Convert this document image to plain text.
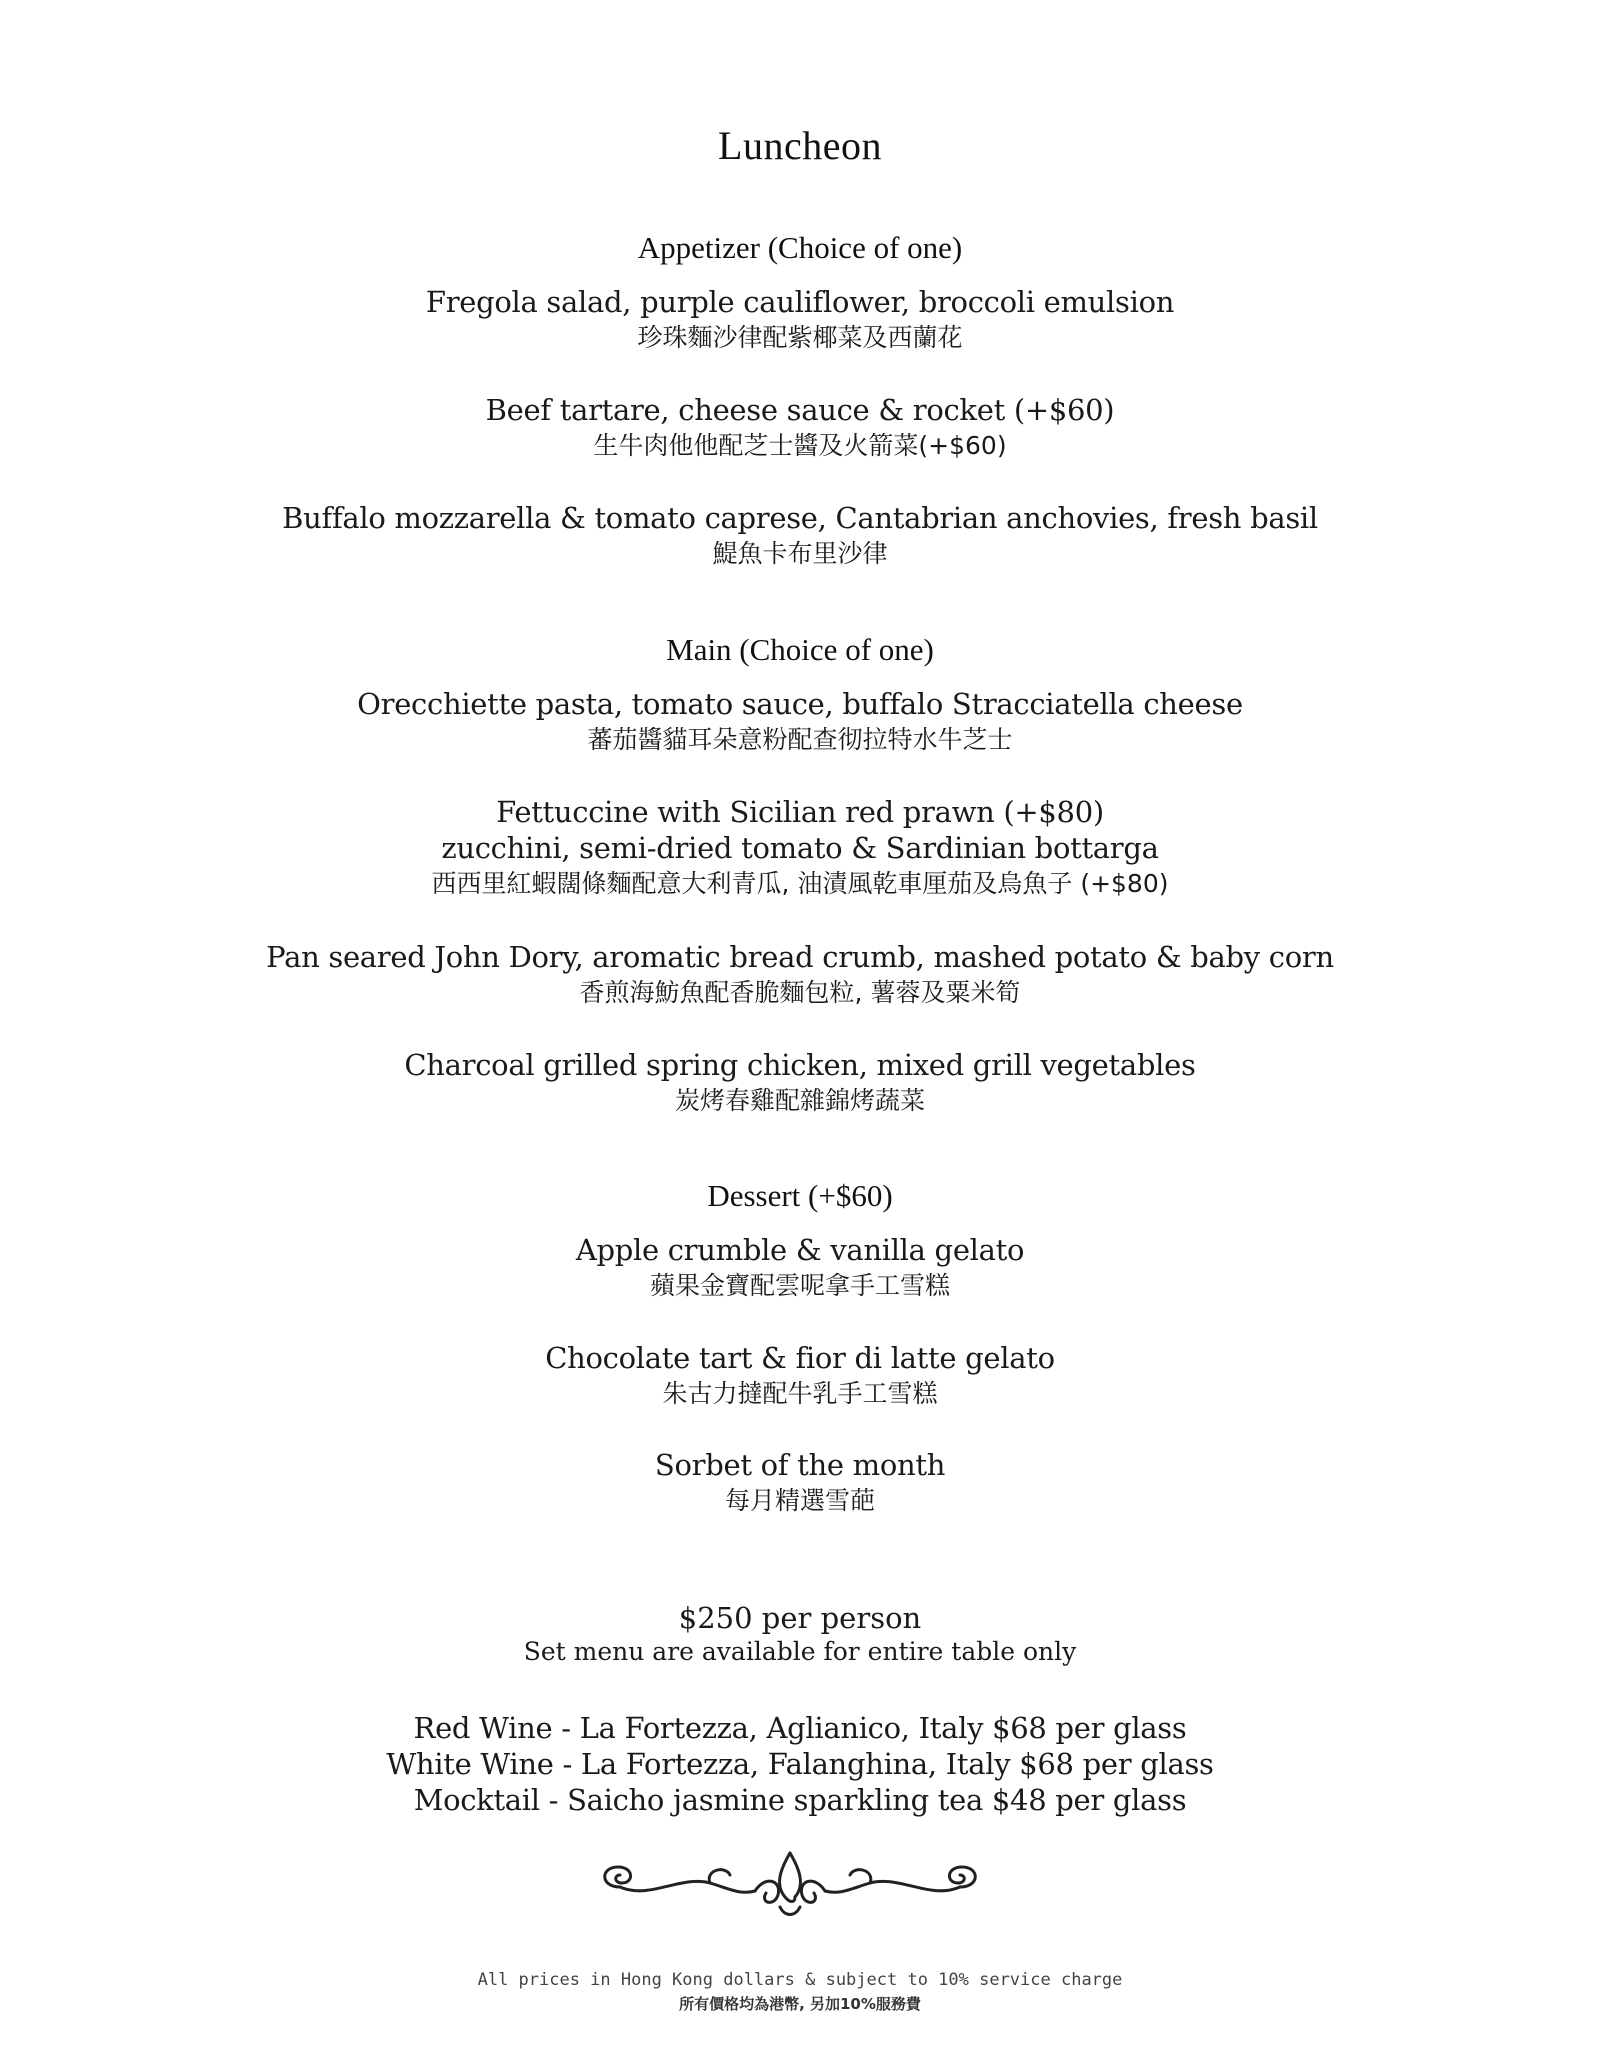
Luncheon
Appetizer (Choice of one)
Fregola salad, purple cauliflower, broccoli emulsion
珍珠麵沙律配紫椰菜及西蘭花
Beef tartare, cheese sauce & rocket (+$60)
生牛肉他他配芝士醬及火箭菜(+$60)
Buffalo mozzarella & tomato caprese, Cantabrian anchovies, fresh basil
鯷魚卡布里沙律
Main (Choice of one)
Orecchiette pasta, tomato sauce, buffalo Stracciatella cheese
蕃茄醬貓耳朵意粉配查彻拉特水牛芝士
Fettuccine with Sicilian red prawn (+$80)
zucchini, semi-dried tomato & Sardinian bottarga
西西里紅蝦闊條麵配意大利青瓜, 油漬風乾車厘茄及烏魚子 (+$80)
Pan seared John Dory, aromatic bread crumb, mashed potato & baby corn
香煎海魴魚配香脆麵包粒, 薯蓉及粟米筍
Charcoal grilled spring chicken, mixed grill vegetables
炭烤春雞配雜錦烤蔬菜
Dessert (+$60)
Apple crumble & vanilla gelato
蘋果金寶配雲呢拿手工雪糕
Chocolate tart & fior di latte gelato
朱古力撻配牛乳手工雪糕
Sorbet of the month
每月精選雪葩
$250 per person
Set menu are available for entire table only
Red Wine - La Fortezza, Aglianico, Italy $68 per glass
White Wine - La Fortezza, Falanghina, Italy $68 per glass
Mocktail - Saicho jasmine sparkling tea $48 per glass
All prices in Hong Kong dollars & subject to 10% service charge
所有價格均為港幣, 另加10%服務費
